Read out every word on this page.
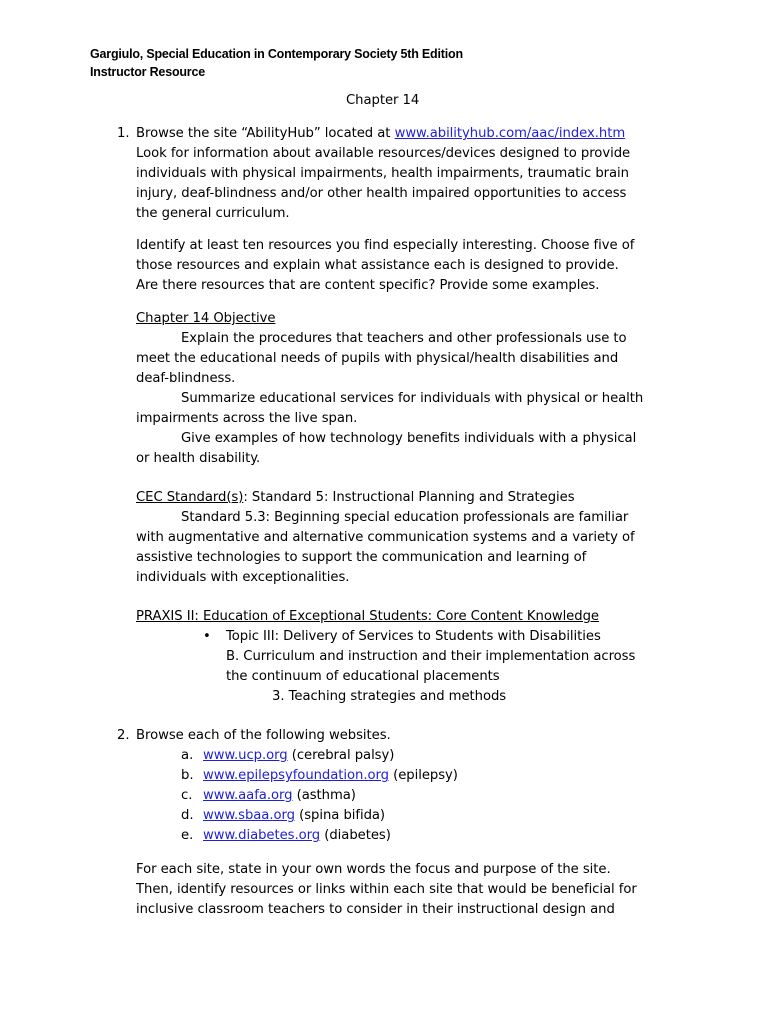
Gargiulo, Special Education in Contemporary Society 5th Edition
Instructor Resource
Chapter 14
1. Browse the site “AbilityHub” located at www.abilityhub.com/aac/index.htm
Look for information about available resources/devices designed to provide
individuals with physical impairments, health impairments, traumatic brain
injury, deaf-blindness and/or other health impaired opportunities to access
the general curriculum.
Identify at least ten resources you find especially interesting. Choose five of
those resources and explain what assistance each is designed to provide.
Are there resources that are content specific? Provide some examples.
Chapter 14 Objective
Explain the procedures that teachers and other professionals use to
meet the educational needs of pupils with physical/health disabilities and
deaf-blindness.
Summarize educational services for individuals with physical or health
impairments across the live span.
Give examples of how technology benefits individuals with a physical
or health disability.
CEC Standard(s): Standard 5: Instructional Planning and Strategies
Standard 5.3: Beginning special education professionals are familiar
with augmentative and alternative communication systems and a variety of
assistive technologies to support the communication and learning of
individuals with exceptionalities.
PRAXIS II: Education of Exceptional Students: Core Content Knowledge
• Topic III: Delivery of Services to Students with Disabilities
B. Curriculum and instruction and their implementation across
the continuum of educational placements
3. Teaching strategies and methods
2. Browse each of the following websites.
a. www.ucp.org (cerebral palsy)
b. www.epilepsyfoundation.org (epilepsy)
c. www.aafa.org (asthma)
d. www.sbaa.org (spina bifida)
e. www.diabetes.org (diabetes)
For each site, state in your own words the focus and purpose of the site.
Then, identify resources or links within each site that would be beneficial for
inclusive classroom teachers to consider in their instructional design and
